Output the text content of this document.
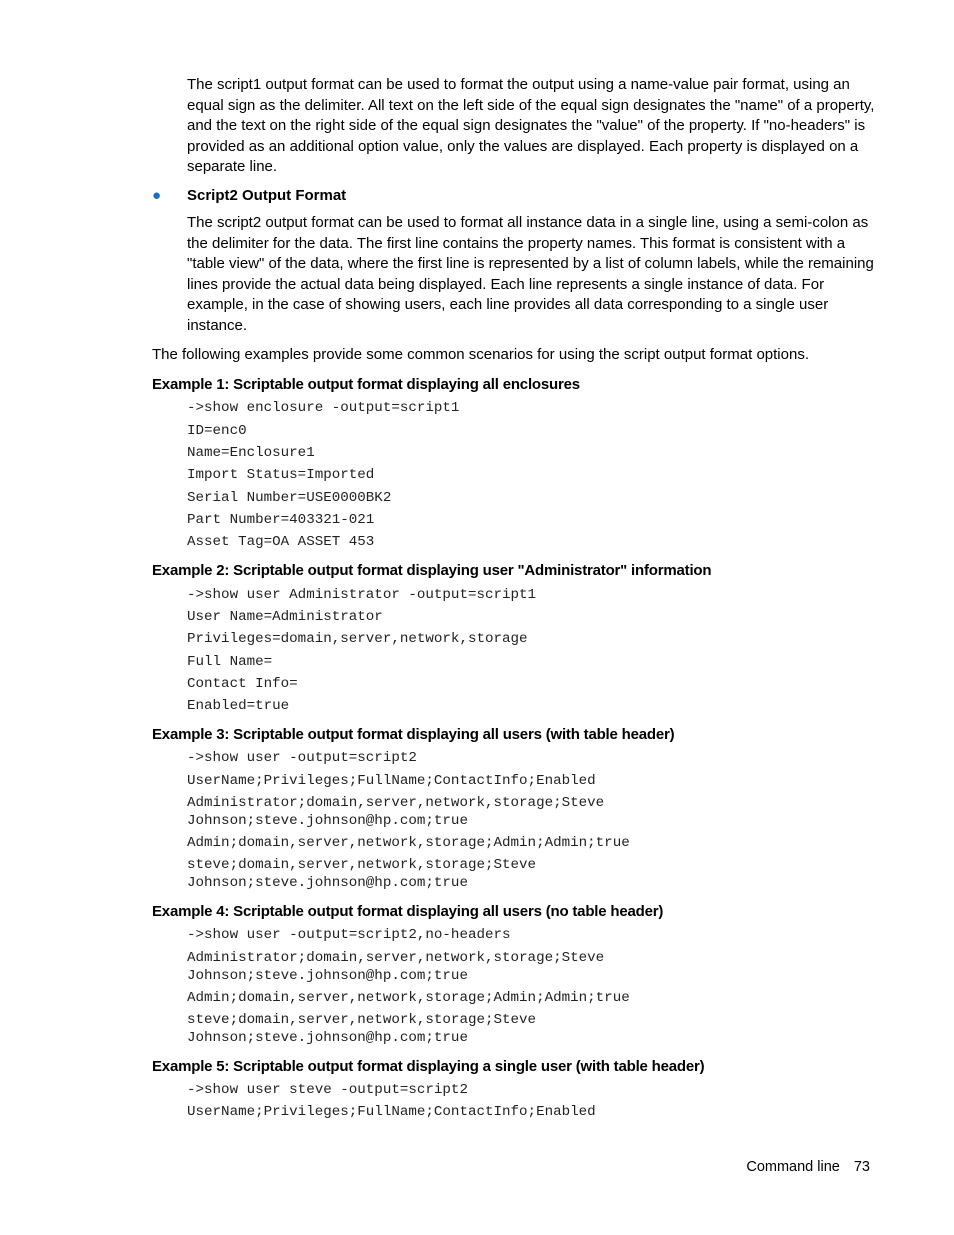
The script1 output format can be used to format the output using a name-value pair format, using an equal sign as the delimiter. All text on the left side of the equal sign designates the "name" of a property, and the text on the right side of the equal sign designates the "value" of the property. If "no-headers" is provided as an additional option value, only the values are displayed. Each property is displayed on a separate line.

● Script2 Output Format

The script2 output format can be used to format all instance data in a single line, using a semi-colon as the delimiter for the data. The first line contains the property names. This format is consistent with a "table view" of the data, where the first line is represented by a list of column labels, while the remaining lines provide the actual data being displayed. Each line represents a single instance of data. For example, in the case of showing users, each line provides all data corresponding to a single user instance.

The following examples provide some common scenarios for using the script output format options.

Example 1: Scriptable output format displaying all enclosures

->show enclosure -output=script1

ID=enc0

Name=Enclosure1

Import Status=Imported

Serial Number=USE0000BK2

Part Number=403321-021

Asset Tag=OA ASSET 453

Example 2: Scriptable output format displaying user "Administrator" information

->show user Administrator -output=script1

User Name=Administrator

Privileges=domain,server,network,storage

Full Name=

Contact Info=

Enabled=true

Example 3: Scriptable output format displaying all users (with table header)

->show user -output=script2

UserName;Privileges;FullName;ContactInfo;Enabled

Administrator;domain,server,network,storage;Steve Johnson;steve.johnson@hp.com;true

Admin;domain,server,network,storage;Admin;Admin;true

steve;domain,server,network,storage;Steve Johnson;steve.johnson@hp.com;true

Example 4: Scriptable output format displaying all users (no table header)

->show user -output=script2,no-headers

Administrator;domain,server,network,storage;Steve Johnson;steve.johnson@hp.com;true

Admin;domain,server,network,storage;Admin;Admin;true

steve;domain,server,network,storage;Steve Johnson;steve.johnson@hp.com;true

Example 5: Scriptable output format displaying a single user (with table header)

->show user steve -output=script2

UserName;Privileges;FullName;ContactInfo;Enabled

Command line 73
